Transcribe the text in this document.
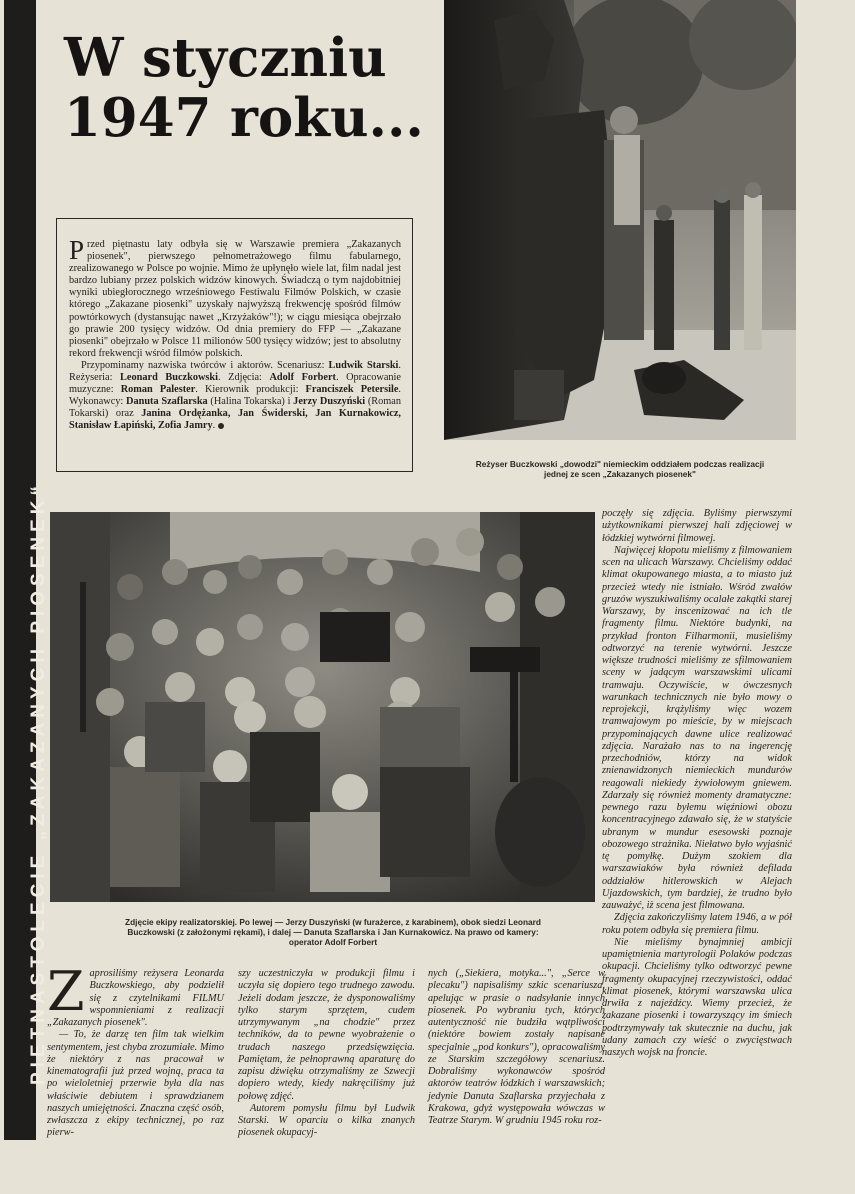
PIĘTNASTOLECIE „ZAKAZANYCH PIOSENEK“
W styczniu
1947 roku...

Przed piętnastu laty odbyła się w Warszawie premiera „Zakazanych piosenek", pierwszego pełnometrażowego filmu fabularnego, zrealizowanego w Polsce po wojnie. Mimo że upłynęło wiele lat, film nadal jest bardzo lubiany przez polskich widzów kinowych. Świadczą o tym najdobitniej wyniki ubiegłorocznego wrześniowego Festiwalu Filmów Polskich, w czasie którego „Zakazane piosenki" uzyskały najwyższą frekwencję spośród filmów powtórkowych (dystansując nawet „Krzyżaków"!); w ciągu miesiąca obejrzało go prawie 200 tysięcy widzów. Od dnia premiery do FFP — „Zakazane piosenki" obejrzało w Polsce 11 milionów 500 tysięcy widzów; jest to absolutny rekord frekwencji wśród filmów polskich.

Przypominamy nazwiska twórców i aktorów. Scenariusz: Ludwik Starski. Reżyseria: Leonard Buczkowski. Zdjęcia: Adolf Forbert. Opracowanie muzyczne: Roman Palester. Kierownik produkcji: Franciszek Petersile. Wykonawcy: Danuta Szaflarska (Halina Tokarska) i Jerzy Duszyński (Roman Tokarski) oraz Janina Ordężanka, Jan Świderski, Jan Kurnakowicz, Stanisław Łapiński, Zofia Jamry.

Reżyser Buczkowski „dowodzi" niemieckim oddziałem podczas realizacji jednej ze scen „Zakazanych piosenek"
Zdjęcie ekipy realizatorskiej. Po lewej — Jerzy Duszyński (w furażerce, z karabinem), obok siedzi Leonard Buczkowski (z założonymi rękami), i dalej — Danuta Szaflarska i Jan Kurnakowicz. Na prawo od kamery: operator Adolf Forbert

poczęły się zdjęcia. Byliśmy pierwszymi użytkownikami pierwszej hali zdjęciowej w łódzkiej wytwórni filmowej.

Najwięcej kłopotu mieliśmy z filmowaniem scen na ulicach Warszawy. Chcieliśmy oddać klimat okupowanego miasta, a to miasto już przecież wtedy nie istniało. Wśród zwałów gruzów wyszukiwaliśmy ocalałe zakątki starej Warszawy, by inscenizować na ich tle fragmenty filmu. Niektóre budynki, na przykład fronton Filharmonii, musieliśmy odtworzyć na terenie wytwórni. Jeszcze większe trudności mieliśmy ze sfilmowaniem sceny w jadącym warszawskimi ulicami tramwaju. Oczywiście, w ówczesnych warunkach technicznych nie było mowy o reprojekcji, krążyliśmy więc wozem tramwajowym po mieście, by w miejscach przypominających dawne ulice realizować zdjęcia. Narażało nas to na ingerencję przechodniów, którzy na widok znienawidzonych niemieckich mundurów reagowali niekiedy żywiołowym gniewem. Zdarzały się również momenty dramatyczne: pewnego razu byłemu więźniowi obozu koncentracyjnego zdawało się, że w statyście ubranym w mundur esesowski poznaje obozowego strażnika. Niełatwo było wyjaśnić tę pomyłkę. Dużym szokiem dla warszawiaków była również defilada oddziałów hitlerowskich w Alejach Ujazdowskich, tym bardziej, że trudno było zauważyć, iż scena jest filmowana.

Zdjęcia zakończyliśmy latem 1946, a w pół roku potem odbyła się premiera filmu.

Nie mieliśmy bynajmniej ambicji upamiętnienia martyrologii Polaków podczas okupacji. Chcieliśmy tylko odtworzyć pewne fragmenty okupacyjnej rzeczywistości, oddać klimat piosenek, którymi warszawska ulica drwiła z najeźdźcy. Wiemy przecież, że zakazane piosenki i towarzyszący im śmiech podtrzymywały tak skutecznie na duchu, jak udany zamach czy wieść o zwycięstwach naszych wojsk na froncie.

Zaprosiliśmy reżysera Leonarda Buczkowskiego, aby podzielił się z czytelnikami FILMU wspomnieniami z realizacji „Zakazanych piosenek".

— To, że darzę ten film tak wielkim sentymentem, jest chyba zrozumiałe. Mimo że niektóry z nas pracował w kinematografii już przed wojną, praca ta po wieloletniej przerwie była dla nas właściwie debiutem i sprawdzianem naszych umiejętności. Znaczna część osób, zwłaszcza z ekipy technicznej, po raz pierw-

szy uczestniczyła w produkcji filmu i uczyła się dopiero tego trudnego zawodu. Jeżeli dodam jeszcze, że dysponowaliśmy tylko starym sprzętem, cudem utrzymywanym „na chodzie" przez techników, da to pewne wyobrażenie o trudach naszego przedsięwzięcia. Pamiętam, że pełnoprawną aparaturę do zapisu dźwięku otrzymaliśmy ze Szwecji dopiero wtedy, kiedy nakręciliśmy już połowę zdjęć.

Autorem pomysłu filmu był Ludwik Starski. W oparciu o kilka znanych piosenek okupacyj-

nych („Siekiera, motyka...", „Serce w plecaku") napisaliśmy szkic scenariusza, apelując w prasie o nadsyłanie innych piosenek. Po wybraniu tych, których autentyczność nie budziła wątpliwości (niektóre bowiem zostały napisane specjalnie „pod konkurs"), opracowaliśmy ze Starskim szczegółowy scenariusz. Dobraliśmy wykonawców spośród aktorów teatrów łódzkich i warszawskich; jedynie Danuta Szaflarska przyjechała z Krakowa, gdyż występowała wówczas w Teatrze Starym. W grudniu 1945 roku roz-
